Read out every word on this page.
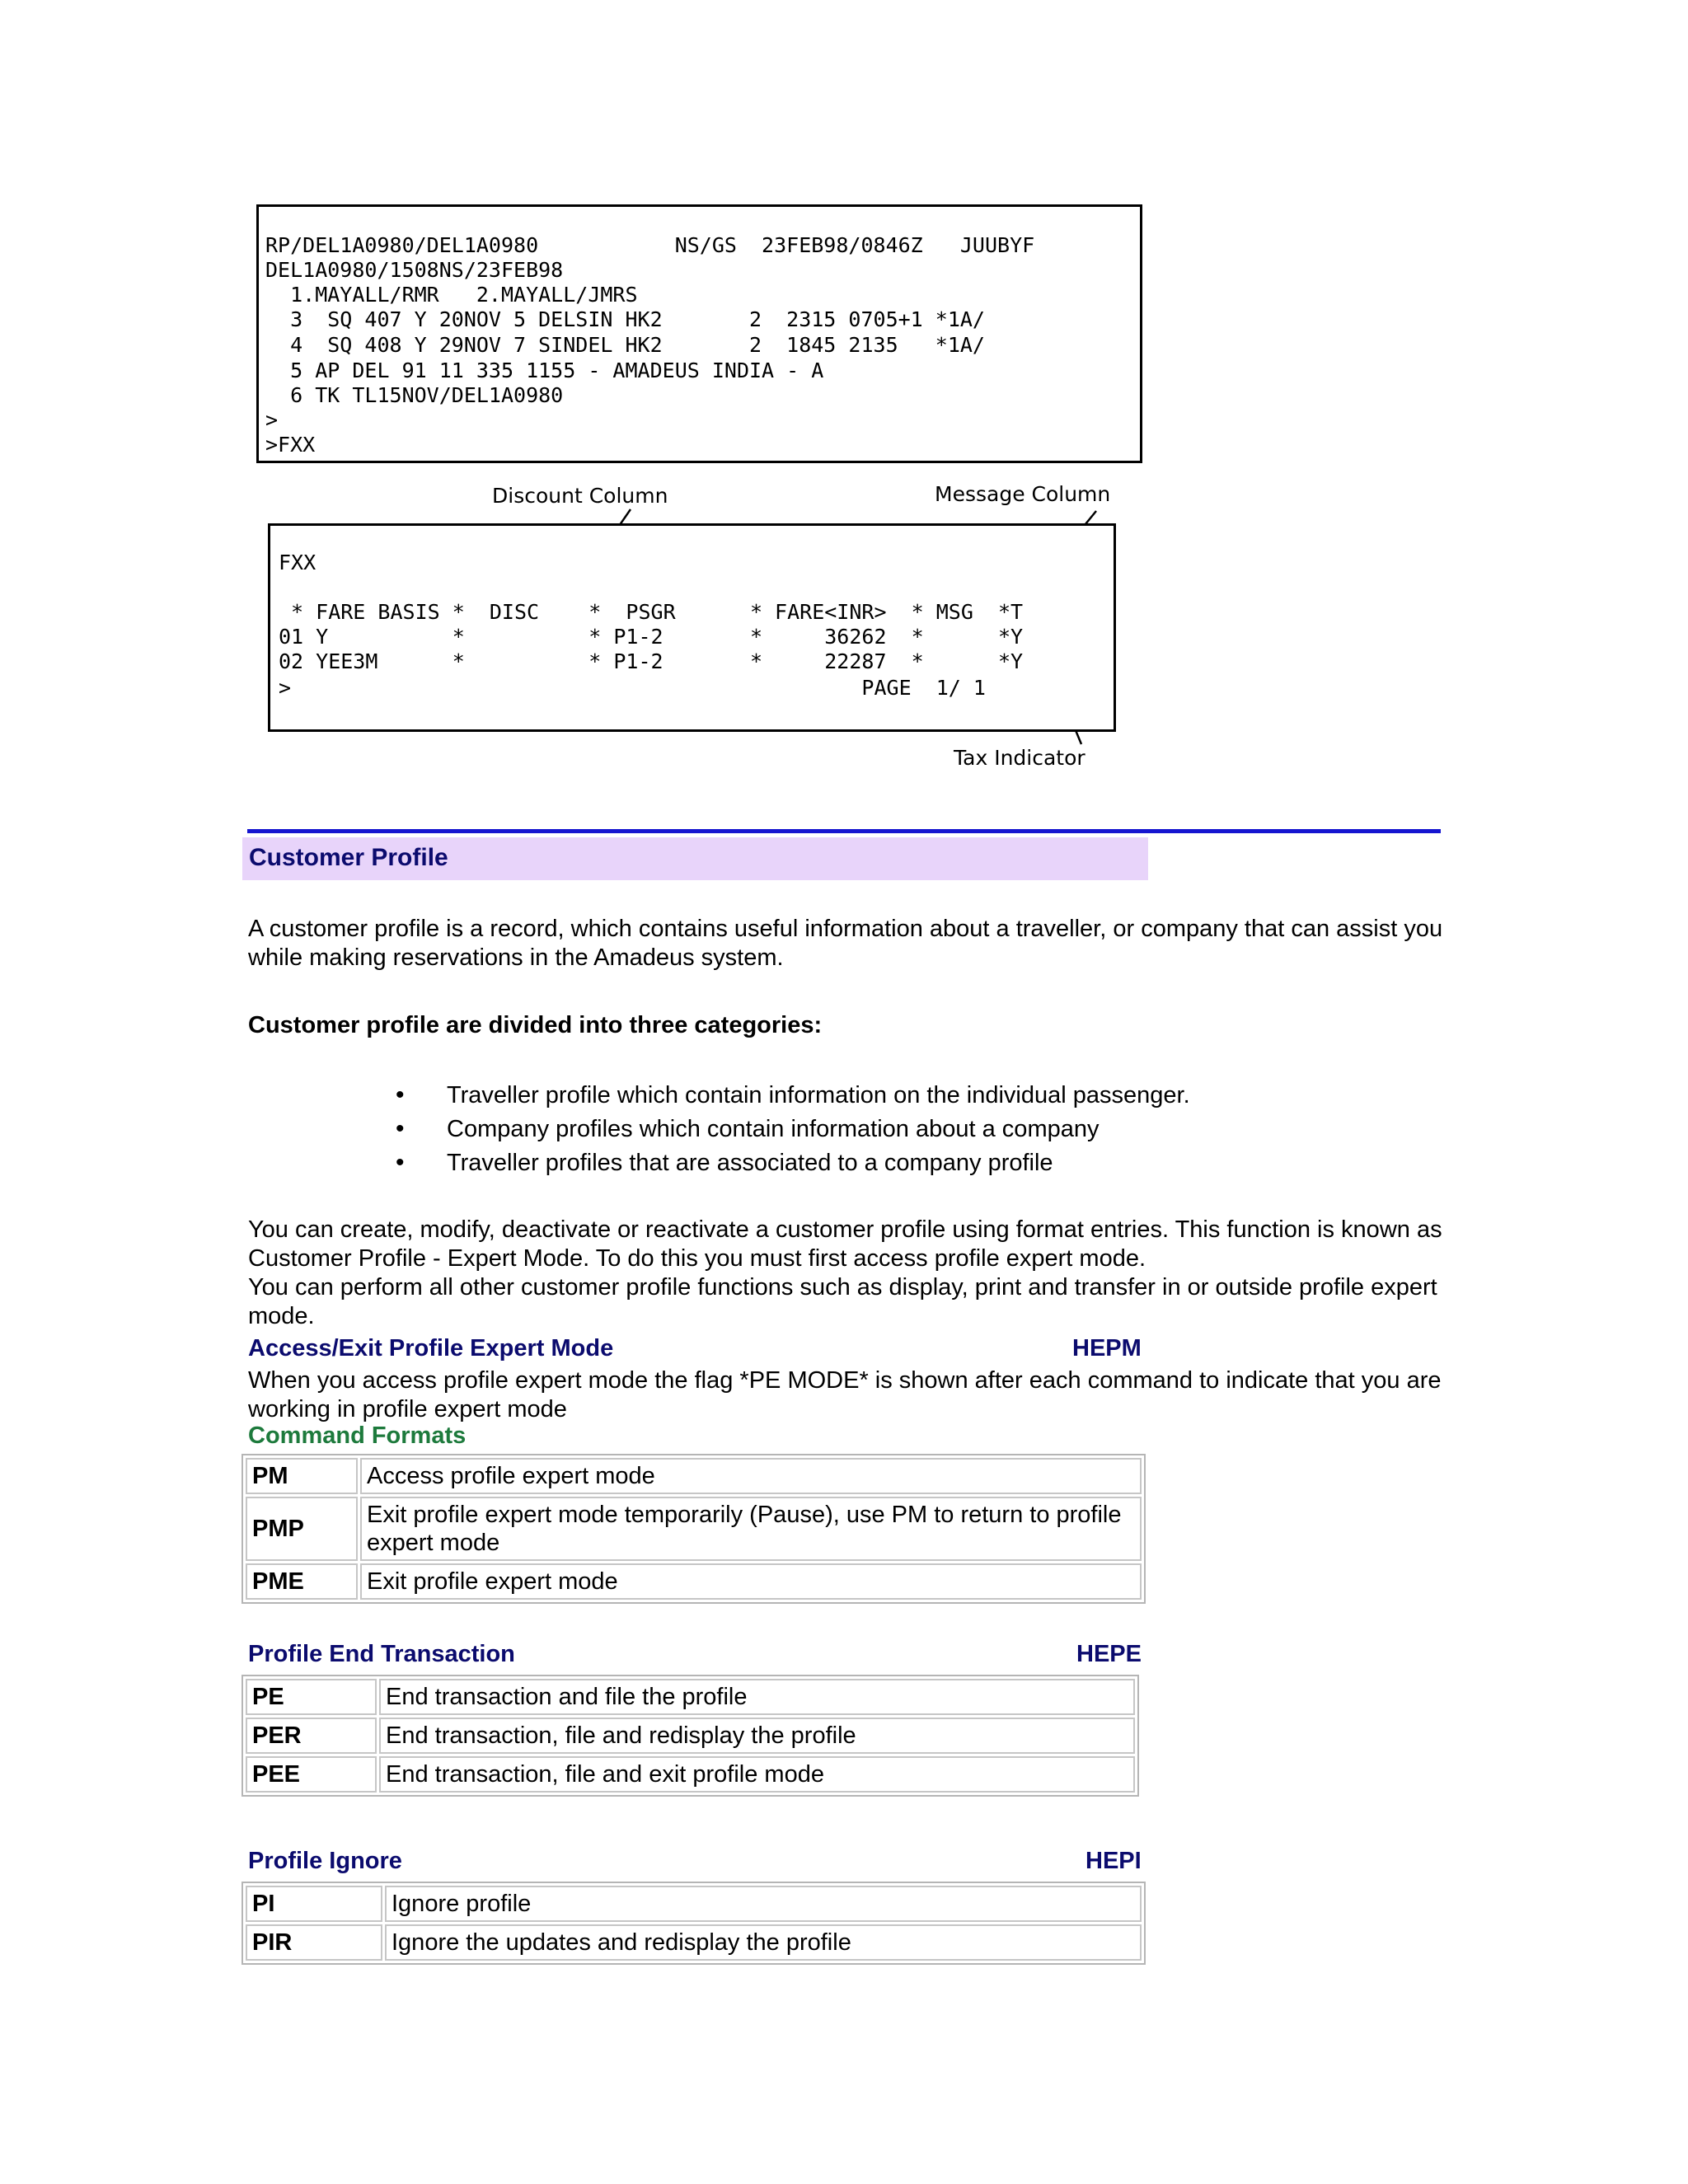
RP/DEL1A0980/DEL1A0980           NS/GS  23FEB98/0846Z   JUUBYF
DEL1A0980/1508NS/23FEB98
1.MAYALL/RMR   2.MAYALL/JMRS
3  SQ 407 Y 20NOV 5 DELSIN HK2       2  2315 0705+1 *1A/
4  SQ 408 Y 29NOV 7 SINDEL HK2       2  1845 2135   *1A/
5 AP DEL 91 11 335 1155 - AMADEUS INDIA - A
6 TK TL15NOV/DEL1A0980
>
>FXX
Discount Column	Message Column
FXX
* FARE BASIS *  DISC    *  PSGR      * FARE<INR>  * MSG  *T
01 Y          *          * P1-2       *     36262  *      *Y
02 YEE3M      *          * P1-2       *     22287  *      *Y
>                                              PAGE  1/ 1
Tax Indicator
Customer Profile
A customer profile is a record, which contains useful information about a traveller, or company that can assist you while making reservations in the Amadeus system.
Customer profile are divided into three categories:
• Traveller profile which contain information on the individual passenger.
• Company profiles which contain information about a company
• Traveller profiles that are associated to a company profile
You can create, modify, deactivate or reactivate a customer profile using format entries. This function is known as Customer Profile - Expert Mode. To do this you must first access profile expert mode.
You can perform all other customer profile functions such as display, print and transfer in or outside profile expert mode.
Access/Exit Profile Expert Mode	HEPM
When you access profile expert mode the flag *PE MODE* is shown after each command to indicate that you are working in profile expert mode
Command Formats
PM	Access profile expert mode
PMP	Exit profile expert mode temporarily (Pause), use PM to return to profile expert mode
PME	Exit profile expert mode
Profile End Transaction	HEPE
PE	End transaction and file the profile
PER	End transaction, file and redisplay the profile
PEE	End transaction, file and exit profile mode
Profile Ignore	HEPI
PI	Ignore profile
PIR	Ignore the updates and redisplay the profile
